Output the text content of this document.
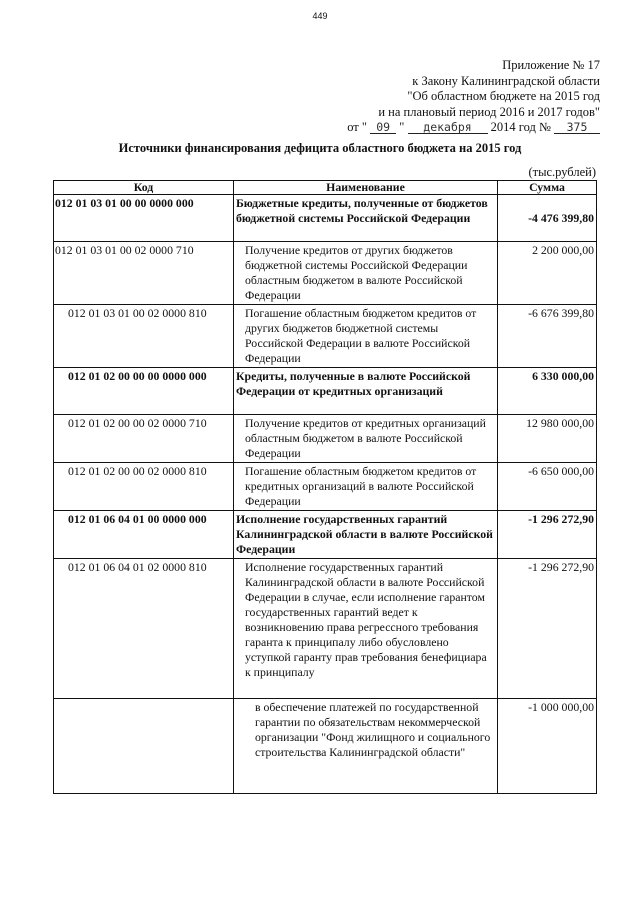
449
Приложение № 17
к Закону Калининградской области
"Об областном бюджете на 2015 год
и на плановый период 2016 и 2017 годов"
от " 09 " декабря 2014 год № 375
Источники финансирования дефицита областного бюджета на 2015 год
(тыс.рублей)
Код	Наименование	Сумма
012 01 03 01 00 00 0000 000	Бюджетные кредиты, полученные от бюджетов бюджетной системы Российской Федерации	-4 476 399,80
012 01 03 01 00 02 0000 710	Получение кредитов от других бюджетов бюджетной системы Российской Федерации областным бюджетом в валюте Российской Федерации	2 200 000,00
012 01 03 01 00 02 0000 810	Погашение областным бюджетом кредитов от других бюджетов бюджетной системы Российской Федерации в валюте Российской Федерации	-6 676 399,80
012 01 02 00 00 00 0000 000	Кредиты, полученные в валюте Российской Федерации от кредитных организаций	6 330 000,00
012 01 02 00 00 02 0000 710	Получение кредитов от кредитных организаций областным бюджетом в валюте Российской Федерации	12 980 000,00
012 01 02 00 00 02 0000 810	Погашение областным бюджетом кредитов от кредитных организаций в валюте Российской Федерации	-6 650 000,00
012 01 06 04 01 00 0000 000	Исполнение государственных гарантий Калининградской области в валюте Российской Федерации	-1 296 272,90
012 01 06 04 01 02 0000 810	Исполнение государственных гарантий Калининградской области в валюте Российской Федерации в случае, если исполнение гарантом государственных гарантий ведет к возникновению права регрессного требования гаранта к принципалу либо обусловлено уступкой гаранту прав требования бенефициара к принципалу	-1 296 272,90
	в обеспечение платежей по государственной гарантии по обязательствам некоммерческой организации "Фонд жилищного и социального строительства Калининградской области"	-1 000 000,00
